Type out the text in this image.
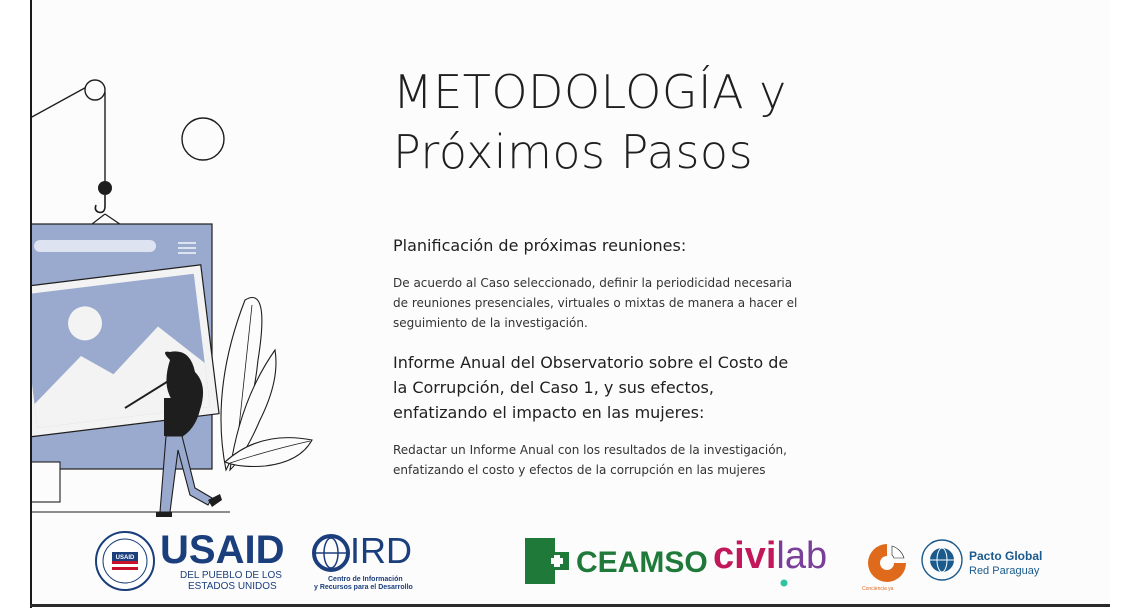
METODOLOGÍA y
Próximos Pasos
Planificación de próximas reuniones:
De acuerdo al Caso seleccionado, definir la periodicidad necesaria
de reuniones presenciales, virtuales o mixtas de manera a hacer el
seguimiento de la investigación.
Informe Anual del Observatorio sobre el Costo de
la Corrupción, del Caso 1, y sus efectos,
enfatizando el impacto en las mujeres:
Redactar un Informe Anual con los resultados de la investigación,
enfatizando el costo y efectos de la corrupción en las mujeres
USAID USAID
DEL PUEBLO DE LOS
ESTADOS UNIDOS
IRD
Centro de Información
y Recursos para el Desarrollo
CEAMSO civilab
Conciencia ya
Pacto Global
Red Paraguay
